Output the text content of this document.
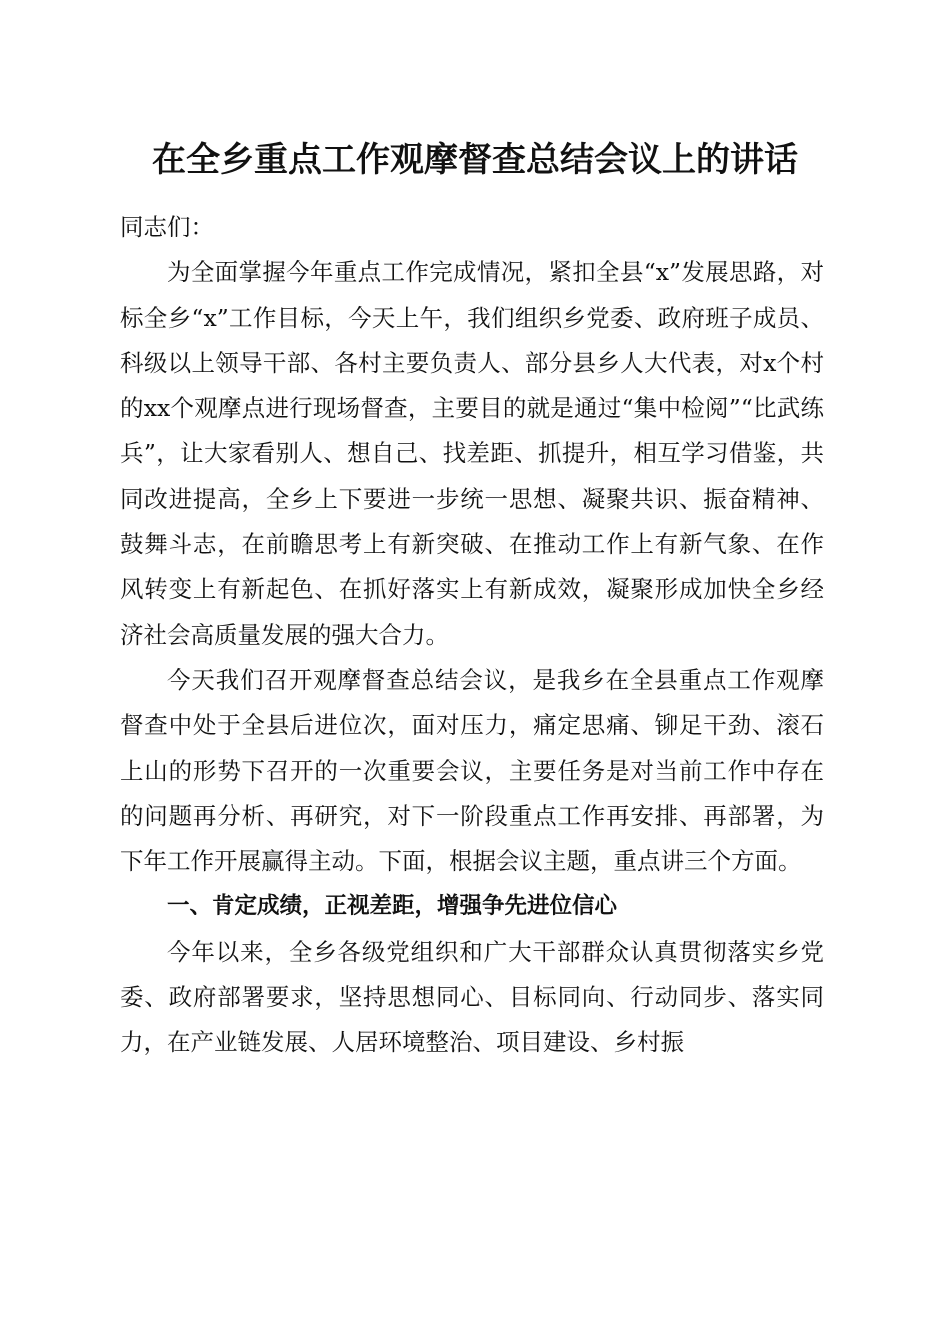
在全乡重点工作观摩督查总结会议上的讲话

同志们：

为全面掌握今年重点工作完成情况，紧扣全县“x”发展思路，对标全乡“x”工作目标，今天上午，我们组织乡党委、政府班子成员、科级以上领导干部、各村主要负责人、部分县乡人大代表，对x个村的xx个观摩点进行现场督查，主要目的就是通过“集中检阅”“比武练兵”，让大家看别人、想自己、找差距、抓提升，相互学习借鉴，共同改进提高，全乡上下要进一步统一思想、凝聚共识、振奋精神、鼓舞斗志，在前瞻思考上有新突破、在推动工作上有新气象、在作风转变上有新起色、在抓好落实上有新成效，凝聚形成加快全乡经济社会高质量发展的强大合力。

今天我们召开观摩督查总结会议，是我乡在全县重点工作观摩督查中处于全县后进位次，面对压力，痛定思痛、铆足干劲、滚石上山的形势下召开的一次重要会议，主要任务是对当前工作中存在的问题再分析、再研究，对下一阶段重点工作再安排、再部署，为下年工作开展赢得主动。下面，根据会议主题，重点讲三个方面。

一、肯定成绩，正视差距，增强争先进位信心

今年以来，全乡各级党组织和广大干部群众认真贯彻落实乡党委、政府部署要求，坚持思想同心、目标同向、行动同步、落实同力，在产业链发展、人居环境整治、项目建设、乡村振
